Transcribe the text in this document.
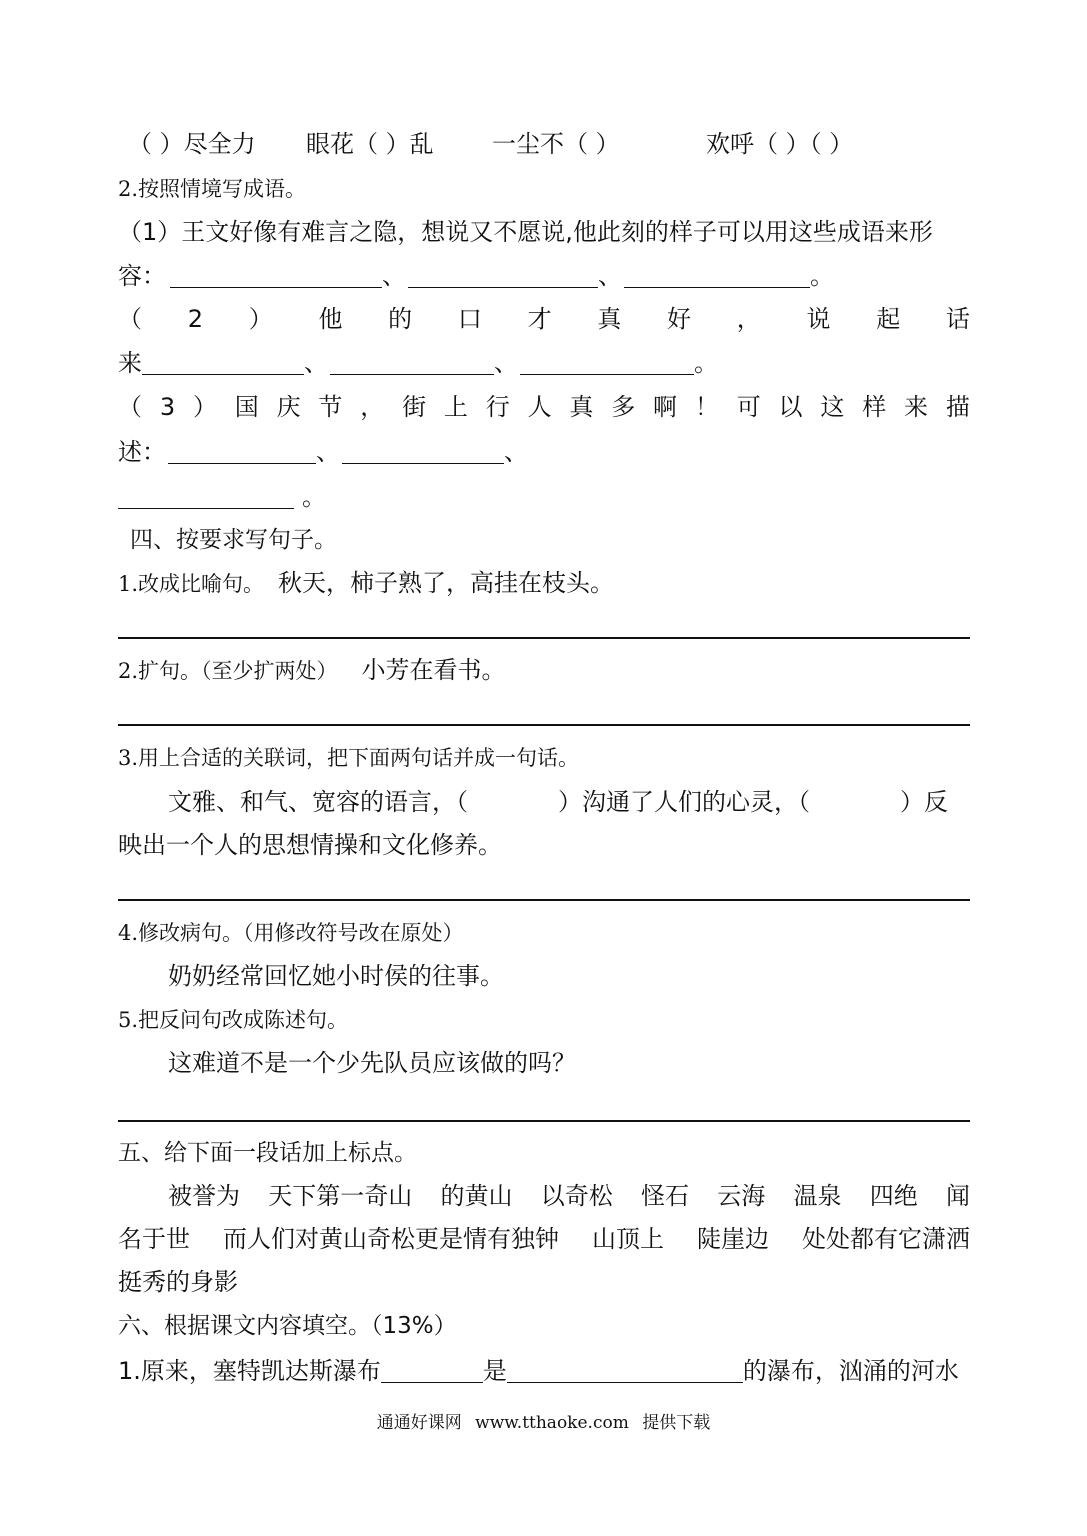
（ ）尽全力 眼花（ ）乱 一尘不（ ）	欢呼（ ）（ ）
2.按照情境写成语。
（1）王文好像有难言之隐，想说又不愿说,他此刻的样子可以用这些成语来形
容：	、	、	。
（ 2 ） 他 的 口 才 真 好 ， 说 起 话
来	、	、	。
（ 3 ） 国 庆 节 ， 街 上 行 人 真 多 啊 ！ 可 以 这 样 来 描
述：	、	、
。
四、按要求写句子。
1.改成比喻句。 秋天，柿子熟了，高挂在枝头。
2.扩句。（至少扩两处） 小芳在看书。
3.用上合适的关联词，把下面两句话并成一句话。
文雅、和气、宽容的语言，（	）沟通了人们的心灵，（	）反
映出一个人的思想情操和文化修养。
4.修改病句。（用修改符号改在原处）
奶奶经常回忆她小时侯的往事。
5.把反问句改成陈述句。
这难道不是一个少先队员应该做的吗？
五、给下面一段话加上标点。
被誉为 天下第一奇山 的黄山 以奇松 怪石 云海 温泉 四绝 闻
名于世 而人们对黄山奇松更是情有独钟 山顶上 陡崖边 处处都有它潇洒
挺秀的身影
六、根据课文内容填空。（13%）
1.原来，塞特凯达斯瀑布	是	的瀑布，汹涌的河水
通通好课网 www.tthaoke.com 提供下载
